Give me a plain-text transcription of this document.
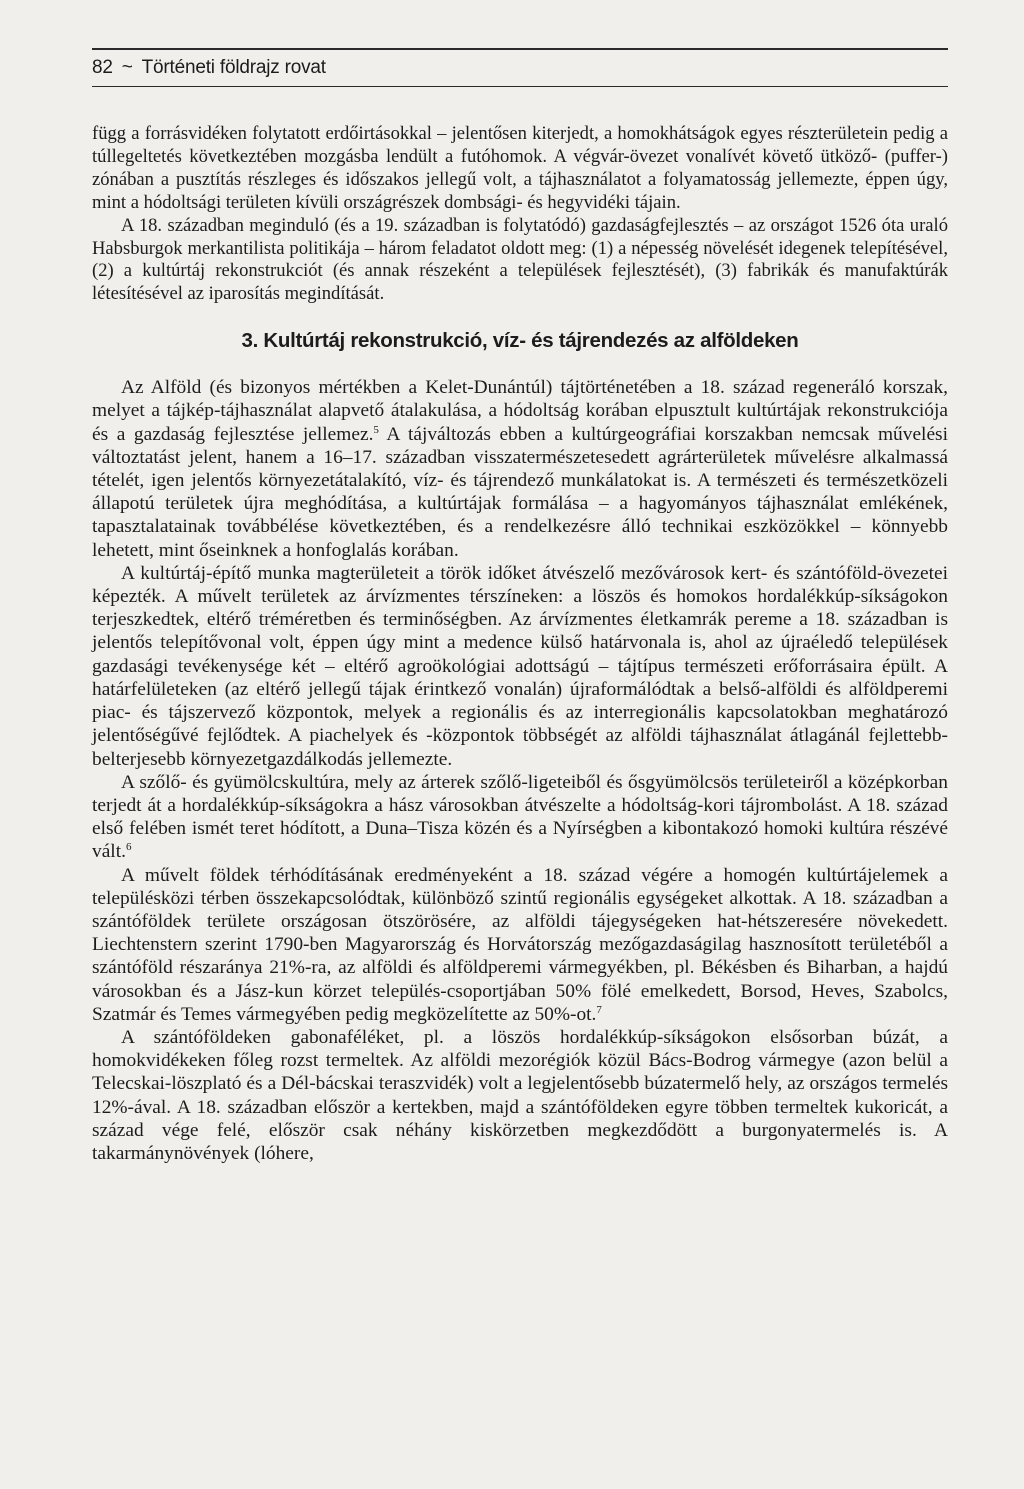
82 ~ Történeti földrajz rovat

függ a forrásvidéken folytatott erdőirtásokkal – jelentősen kiterjedt, a homokhátságok egyes részterületein pedig a túllegeltetés következtében mozgásba lendült a futóhomok. A végvár-övezet vonalívét követő ütköző- (puffer-) zónában a pusztítás részleges és időszakos jellegű volt, a tájhasználatot a folyamatosság jellemezte, éppen úgy, mint a hódoltsági területen kívüli országrészek dombsági- és hegyvidéki tájain.

A 18. században meginduló (és a 19. században is folytatódó) gazdaságfejlesztés – az országot 1526 óta uraló Habsburgok merkantilista politikája – három feladatot oldott meg: (1) a népesség növelését idegenek telepítésével, (2) a kultúrtáj rekonstrukciót (és annak részeként a települések fejlesztését), (3) fabrikák és manufaktúrák létesítésével az iparosítás megindítását.

3. Kultúrtáj rekonstrukció, víz- és tájrendezés az alföldeken

Az Alföld (és bizonyos mértékben a Kelet-Dunántúl) tájtörténetében a 18. század regeneráló korszak, melyet a tájkép-tájhasználat alapvető átalakulása, a hódoltság korában elpusztult kultúrtájak rekonstrukciója és a gazdaság fejlesztése jellemez.$^5$ A tájváltozás ebben a kultúrgeográfiai korszakban nemcsak művelési változtatást jelent, hanem a 16–17. században visszatermészetesedett agrárterületek művelésre alkalmassá tételét, igen jelentős környezetátalakító, víz- és tájrendező munkálatokat is. A természeti és természetközeli állapotú területek újra meghódítása, a kultúrtájak formálása – a hagyományos tájhasználat emlékének, tapasztalatainak továbbélése következtében, és a rendelkezésre álló technikai eszközökkel – könnyebb lehetett, mint őseinknek a honfoglalás korában.

A kultúrtáj-építő munka magterületeit a török időket átvészelő mezővárosok kert- és szántóföld-övezetei képezték. A művelt területek az árvízmentes térszíneken: a löszös és homokos hordalékkúp-síkságokon terjeszkedtek, eltérő tréméretben és terminőségben. Az árvízmentes életkamrák pereme a 18. században is jelentős telepítővonal volt, éppen úgy mint a medence külső határvonala is, ahol az újraéledő települések gazdasági tevékenysége két – eltérő agroökológiai adottságú – tájtípus természeti erőforrásaira épült. A határfelületeken (az eltérő jellegű tájak érintkező vonalán) újraformálódtak a belső-alföldi és alföldperemi piac- és tájszervező központok, melyek a regionális és az interregionális kapcsolatokban meghatározó jelentőségűvé fejlődtek. A piachelyek és -központok többségét az alföldi tájhasználat átlagánál fejlettebb-belterjesebb környezetgazdálkodás jellemezte.

A szőlő- és gyümölcskultúra, mely az árterek szőlő-ligeteiből és ősgyümölcsös területeiről a középkorban terjedt át a hordalékkúp-síkságokra a hász városokban átvészelte a hódoltság-kori tájrombolást. A 18. század első felében ismét teret hódított, a Duna–Tisza közén és a Nyírségben a kibontakozó homoki kultúra részévé vált.$^6$

A művelt földek térhódításának eredményeként a 18. század végére a homogén kultúrtájelemek a településközi térben összekapcsolódtak, különböző szintű regionális egységeket alkottak. A 18. században a szántóföldek területe országosan ötszörösére, az alföldi tájegységeken hat-hétszeresére növekedett. Liechtenstern szerint 1790-ben Magyarország és Horvátország mezőgazdaságilag hasznosított területéből a szántóföld részaránya 21%-ra, az alföldi és alföldperemi vármegyékben, pl. Békésben és Biharban, a hajdú városokban és a Jász-kun körzet település-csoportjában 50% fölé emelkedett, Borsod, Heves, Szabolcs, Szatmár és Temes vármegyében pedig megközelítette az 50%-ot.$^7$

A szántóföldeken gabonaféléket, pl. a löszös hordalékkúp-síkságokon elsősorban búzát, a homokvidékeken főleg rozst termeltek. Az alföldi mezorégiók közül Bács-Bodrog vármegye (azon belül a Telecskai-löszplató és a Dél-bácskai teraszvidék) volt a legjelentősebb búzatermelő hely, az országos termelés 12%-ával. A 18. században először a kertekben, majd a szántóföldeken egyre többen termeltek kukoricát, a század vége felé, először csak néhány kiskörzetben megkezdődött a burgonyatermelés is. A takarmánynövények (lóhere,
